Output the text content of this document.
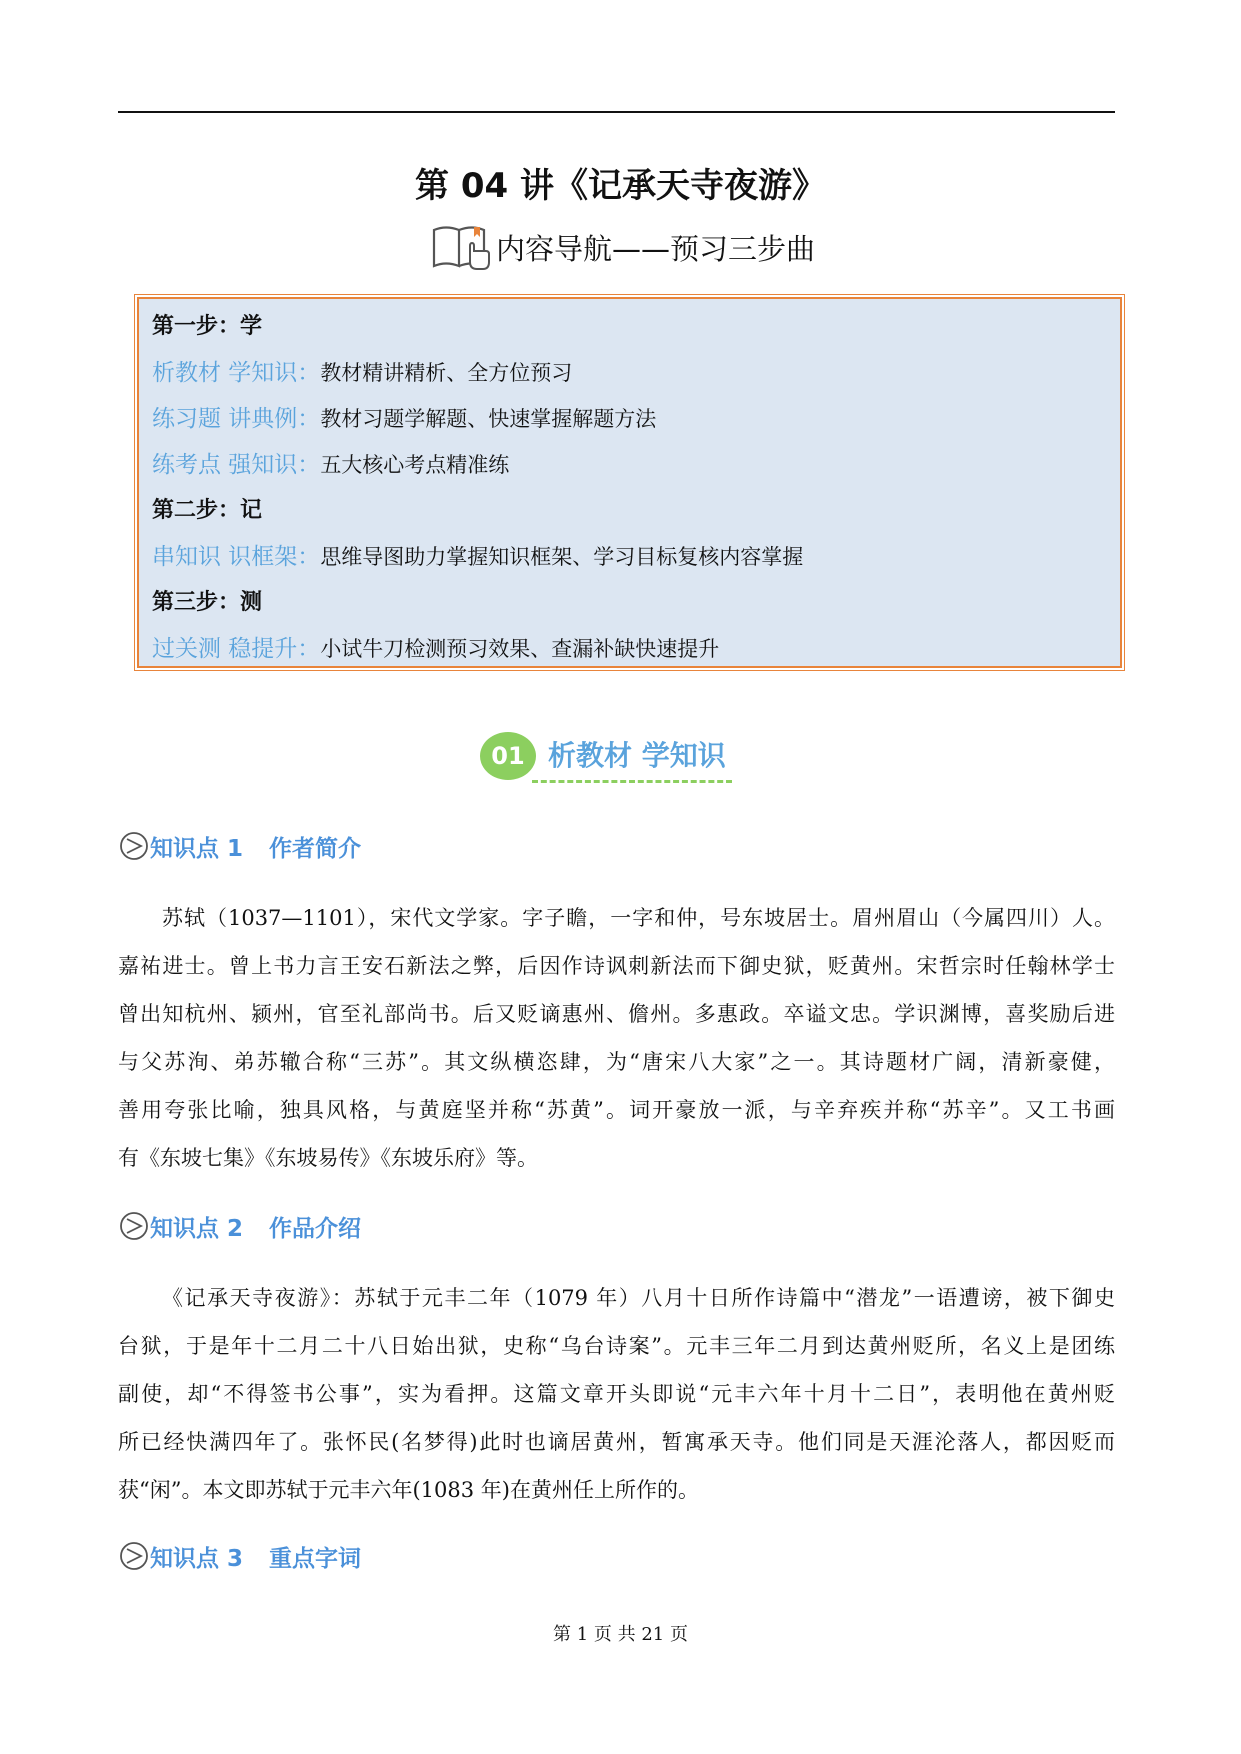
第 04 讲《记承天寺夜游》
内容导航——预习三步曲
第一步：学
析教材 学知识：教材精讲精析、全方位预习
练习题 讲典例：教材习题学解题、快速掌握解题方法
练考点 强知识：五大核心考点精准练
第二步：记
串知识 识框架：思维导图助力掌握知识框架、学习目标复核内容掌握
第三步：测
过关测 稳提升：小试牛刀检测预习效果、查漏补缺快速提升
01 析教材 学知识
知识点 1 作者简介
苏轼（1037—1101），宋代文学家。字子瞻，一字和仲，号东坡居士。眉州眉山（今属四川）人。
嘉祐进士。曾上书力言王安石新法之弊，后因作诗讽刺新法而下御史狱，贬黄州。宋哲宗时任翰林学士
曾出知杭州、颍州，官至礼部尚书。后又贬谪惠州、儋州。多惠政。卒谥文忠。学识渊博，喜奖励后进
与父苏洵、弟苏辙合称“三苏”。其文纵横恣肆，为“唐宋八大家”之一。其诗题材广阔，清新豪健，
善用夸张比喻，独具风格，与黄庭坚并称“苏黄”。词开豪放一派，与辛弃疾并称“苏辛”。又工书画
有《东坡七集》《东坡易传》《东坡乐府》等。
知识点 2 作品介绍
《记承天寺夜游》：苏轼于元丰二年（1079 年）八月十日所作诗篇中“潜龙”一语遭谤，被下御史
台狱，于是年十二月二十八日始出狱，史称“乌台诗案”。元丰三年二月到达黄州贬所，名义上是团练
副使，却“不得签书公事”，实为看押。这篇文章开头即说“元丰六年十月十二日”，表明他在黄州贬
所已经快满四年了。张怀民(名梦得)此时也谪居黄州，暂寓承天寺。他们同是天涯沦落人，都因贬而
获“闲”。本文即苏轼于元丰六年(1083 年)在黄州任上所作的。
知识点 3 重点字词
第 1 页 共 21 页
